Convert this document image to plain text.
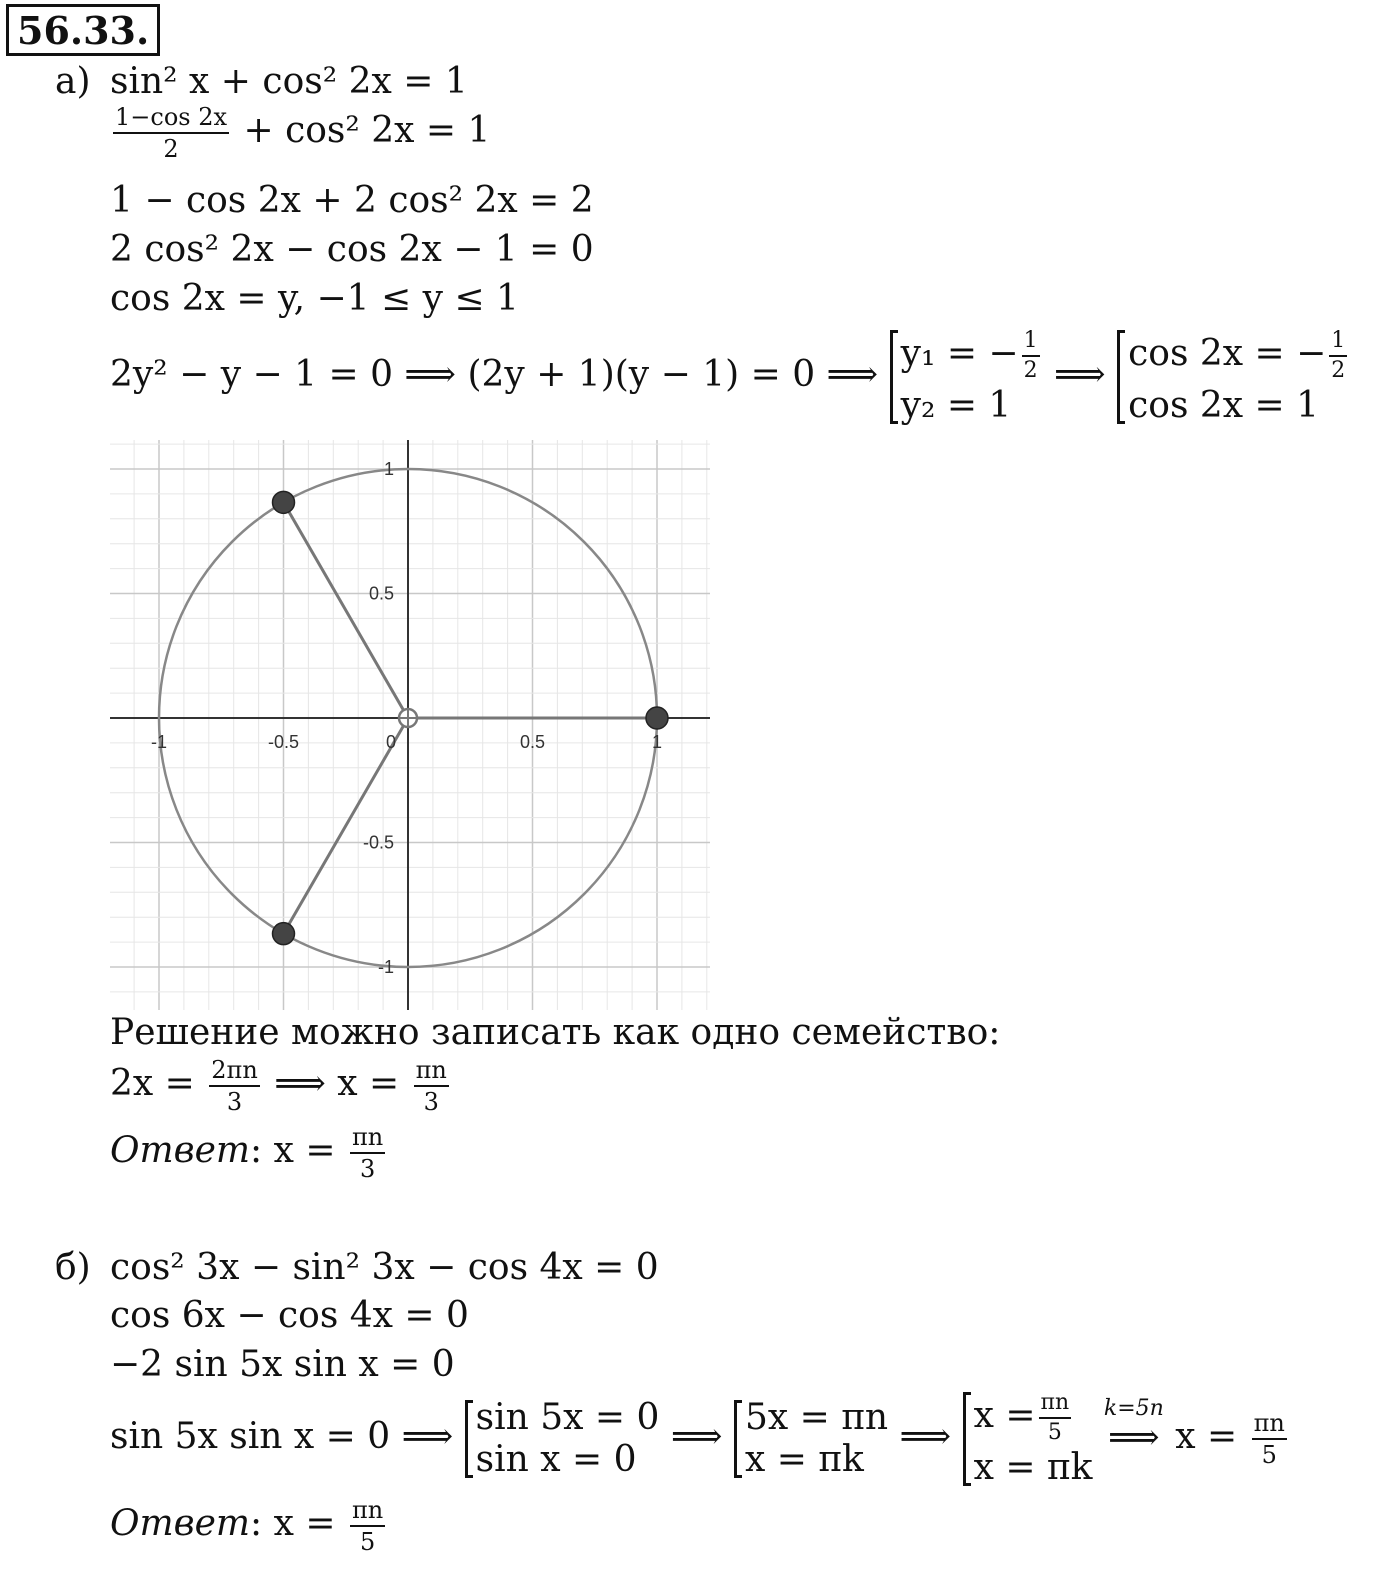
56.33.
а) sin² x + cos² 2x = 1
$\frac{1-\cos 2x}{2} + \cos^2$ 2x = 1
1 − cos 2x + 2 cos² 2x = 2
2 cos² 2x − cos 2x − 1 = 0
cos 2x = y, −1 ≤ y ≤ 1
2y² − y − 1 = 0 ⟹ (2y + 1)(y − 1) = 0 ⟹
y₁ = − $\frac{1}{2}$
y₂ = 1
⟹
cos 2x = − $\frac{1}{2}$
cos 2x = 1
-1	-0.5	0	0.5	1
1
0.5
-0.5
-1
Решение можно записать как одно семейство:
$2x = \frac{2\pi n}{3}$ ⟹ $x = \frac{\pi n}{3}$
Ответ: $x = \frac{\pi n}{3}$
б) cos² 3x − sin² 3x − cos 4x = 0
cos 6x − cos 4x = 0
−2 sin 5x sin x = 0
sin 5x sin x = 0 ⟹ sin 5x = 0
sin x = 0
⟹ 5x = πn
x = πk
⟹
$x = \frac{\pi n}{5}$
x = πk

k=5n
⟹ $x = \frac{\pi n}{5}$
Ответ: $x = \frac{\pi n}{5}$
